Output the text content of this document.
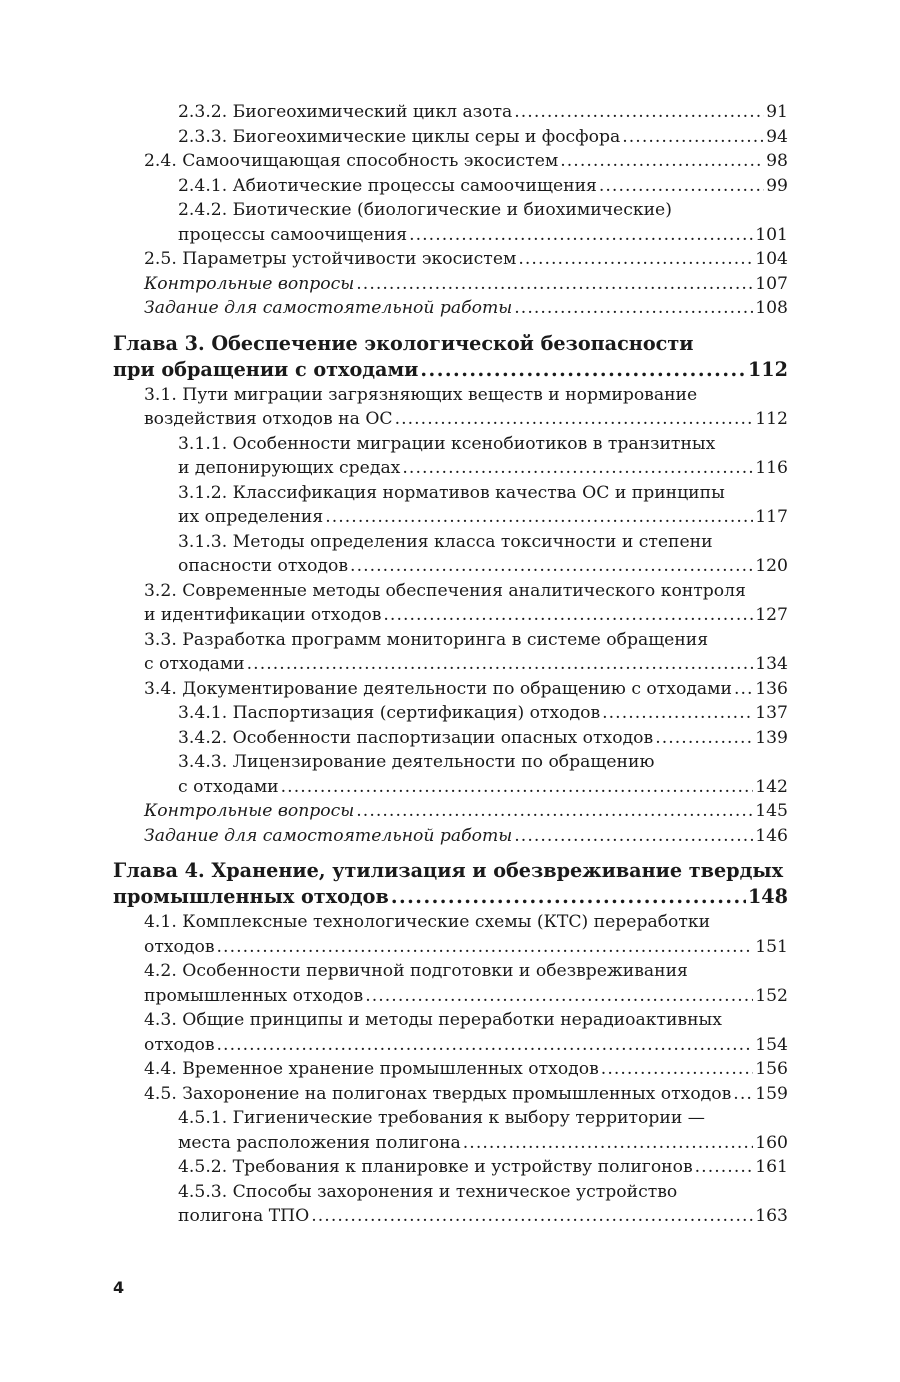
2.3.2. Биогеохимический цикл азота . . .	91
2.3.3. Биогеохимические циклы серы и фосфора . . .	94
2.4. Самоочищающая способность экосистем . . .	98
2.4.1. Абиотические процессы самоочищения . . .	99
2.4.2. Биотические (биологические и биохимические)
процессы самоочищения . . .	101
2.5. Параметры устойчивости экосистем . . .	104
Контрольные вопросы . . .	107
Задание для самостоятельной работы . . .	108
Глава 3. Обеспечение экологической безопасности
при обращении с отходами . . .	112
3.1. Пути миграции загрязняющих веществ и нормирование
воздействия отходов на ОС . . .	112
3.1.1. Особенности миграции ксенобиотиков в транзитных
и депонирующих средах . . .	116
3.1.2. Классификация нормативов качества ОС и принципы
их определения . . .	117
3.1.3. Методы определения класса токсичности и степени
опасности отходов . . .	120
3.2. Современные методы обеспечения аналитического контроля
и идентификации отходов . . .	127
3.3. Разработка программ мониторинга в системе обращения
с отходами . . .	134
3.4. Документирование деятельности по обращению с отходами . . . 136
3.4.1. Паспортизация (сертификация) отходов . . .	137
3.4.2. Особенности паспортизации опасных отходов . . .	139
3.4.3. Лицензирование деятельности по обращению
с отходами . . .	142
Контрольные вопросы . . .	145
Задание для самостоятельной работы . . .	146
Глава 4. Хранение, утилизация и обезвреживание твердых
промышленных отходов . . .	148
4.1. Комплексные технологические схемы (КТС) переработки
отходов . . .	151
4.2. Особенности первичной подготовки и обезвреживания
промышленных отходов . . .	152
4.3. Общие принципы и методы переработки нерадиоактивных
отходов . . .	154
4.4. Временное хранение промышленных отходов . . .	156
4.5. Захоронение на полигонах твердых промышленных отходов . . . 159
4.5.1. Гигиенические требования к выбору территории —
места расположения полигона . . .	160
4.5.2. Требования к планировке и устройству полигонов . . .	161
4.5.3. Способы захоронения и техническое устройство
полигона ТПО . . .	163
4
